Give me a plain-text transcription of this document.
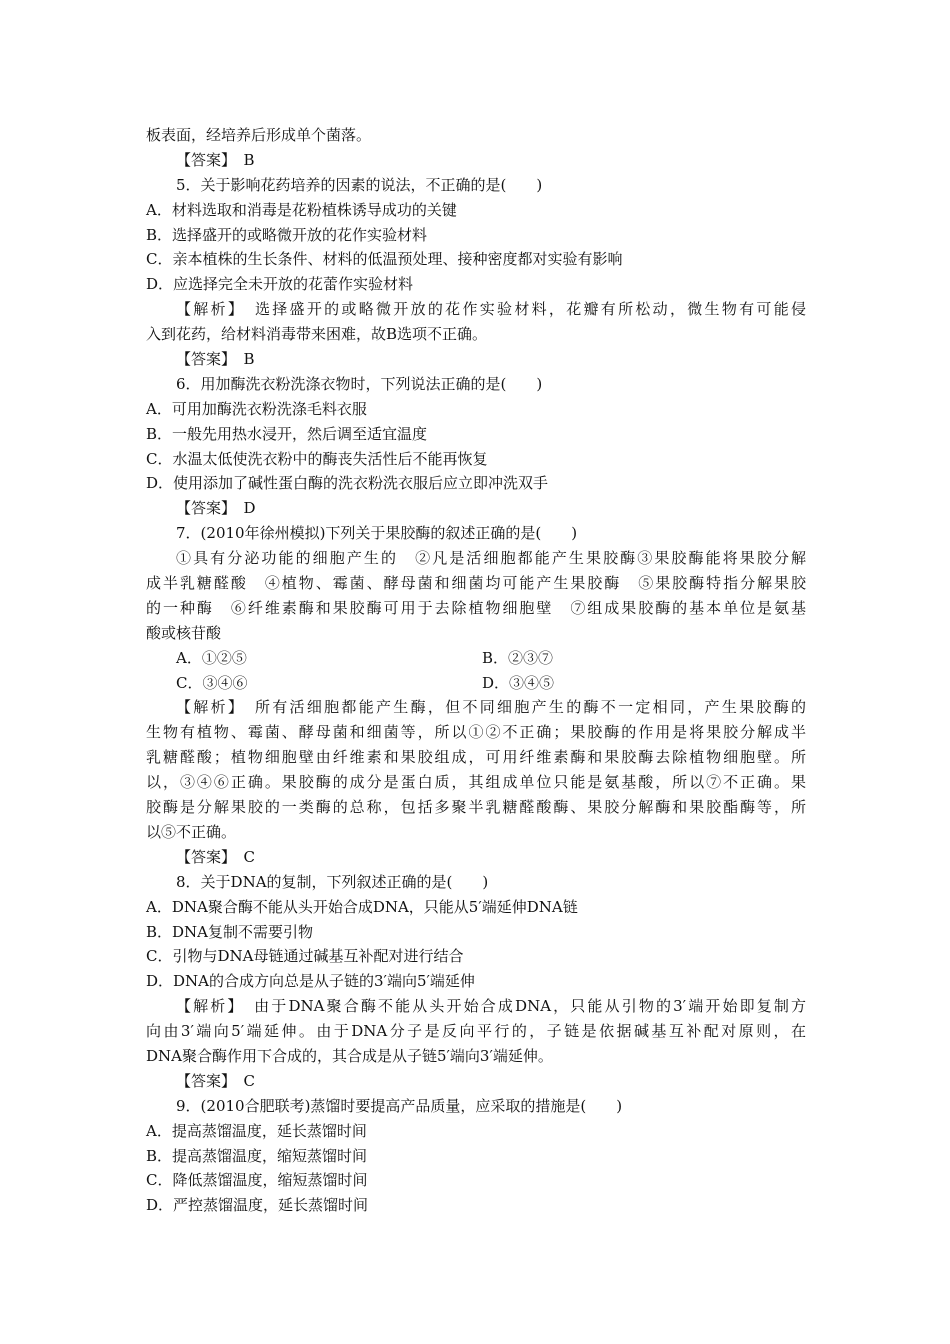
板表面，经培养后形成单个菌落。
【答案】　B
5．关于影响花药培养的因素的说法，不正确的是(　　)
A．材料选取和消毒是花粉植株诱导成功的关键
B．选择盛开的或略微开放的花作实验材料
C．亲本植株的生长条件、材料的低温预处理、接种密度都对实验有影响
D．应选择完全未开放的花蕾作实验材料
【解析】　选择盛开的或略微开放的花作实验材料，花瓣有所松动，微生物有可能侵
入到花药，给材料消毒带来困难，故B选项不正确。
【答案】　B
6．用加酶洗衣粉洗涤衣物时，下列说法正确的是(　　)
A．可用加酶洗衣粉洗涤毛料衣服
B．一般先用热水浸开，然后调至适宜温度
C．水温太低使洗衣粉中的酶丧失活性后不能再恢复
D．使用添加了碱性蛋白酶的洗衣粉洗衣服后应立即冲洗双手
【答案】　D
7．(2010年徐州模拟)下列关于果胶酶的叙述正确的是(　　)
①具有分泌功能的细胞产生的　②凡是活细胞都能产生果胶酶③果胶酶能将果胶分解
成半乳糖醛酸　④植物、霉菌、酵母菌和细菌均可能产生果胶酶　⑤果胶酶特指分解果胶
的一种酶　⑥纤维素酶和果胶酶可用于去除植物细胞壁　⑦组成果胶酶的基本单位是氨基
酸或核苷酸
A．①②⑤	B．②③⑦
C．③④⑥	D．③④⑤
【解析】　所有活细胞都能产生酶，但不同细胞产生的酶不一定相同，产生果胶酶的
生物有植物、霉菌、酵母菌和细菌等，所以①②不正确；果胶酶的作用是将果胶分解成半
乳糖醛酸；植物细胞壁由纤维素和果胶组成，可用纤维素酶和果胶酶去除植物细胞壁。所
以，③④⑥正确。果胶酶的成分是蛋白质，其组成单位只能是氨基酸，所以⑦不正确。果
胶酶是分解果胶的一类酶的总称，包括多聚半乳糖醛酸酶、果胶分解酶和果胶酯酶等，所
以⑤不正确。
【答案】　C
8．关于DNA的复制，下列叙述正确的是(　　)
A．DNA聚合酶不能从头开始合成DNA，只能从5′端延伸DNA链
B．DNA复制不需要引物
C．引物与DNA母链通过碱基互补配对进行结合
D．DNA的合成方向总是从子链的3′端向5′端延伸
【解析】　由于DNA聚合酶不能从头开始合成DNA，只能从引物的3′端开始即复制方
向由3′端向5′端延伸。由于DNA分子是反向平行的，子链是依据碱基互补配对原则，在
DNA聚合酶作用下合成的，其合成是从子链5′端向3′端延伸。
【答案】　C
9．(2010合肥联考)蒸馏时要提高产品质量，应采取的措施是(　　)
A．提高蒸馏温度，延长蒸馏时间
B．提高蒸馏温度，缩短蒸馏时间
C．降低蒸馏温度，缩短蒸馏时间
D．严控蒸馏温度，延长蒸馏时间
